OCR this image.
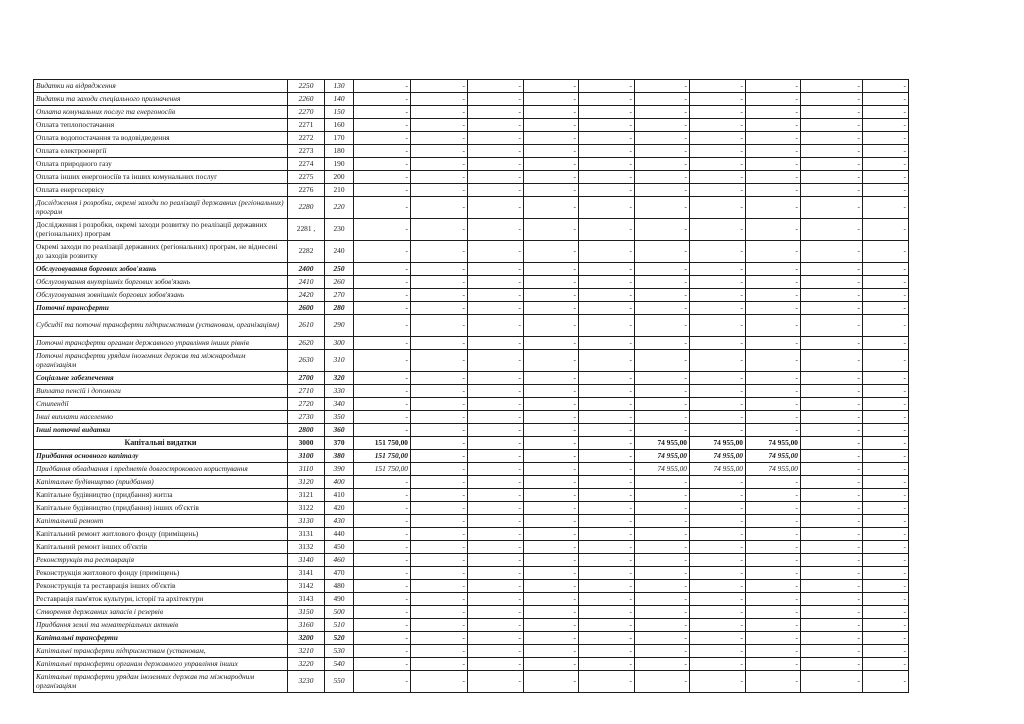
Видатки на відрядження	2250	130	-	-	-	-	-	-	-	-	-	-
Видатки та заходи спеціального призначення	2260	140	-	-	-	-	-	-	-	-	-	-
Оплата комунальних послуг та енергоносіїв	2270	150	-	-	-	-	-	-	-	-	-	-
Оплата теплопостачання	2271	160	-	-	-	-	-	-	-	-	-	-
Оплата водопостачання та водовідведення	2272	170	-	-	-	-	-	-	-	-	-	-
Оплата електроенергії	2273	180	-	-	-	-	-	-	-	-	-	-
Оплата природного газу	2274	190	-	-	-	-	-	-	-	-	-	-
Оплата інших енергоносіїв та інших комунальних послуг	2275	200	-	-	-	-	-	-	-	-	-	-
Оплата енергосервісу	2276	210	-	-	-	-	-	-	-	-	-	-
Дослідження і розробки, окремі заходи по реалізації державних (регіональних) програм	2280	220	-	-	-	-	-	-	-	-	-	-
Дослідження і розробки, окремі заходи розвитку по реалізації державних (регіональних) програм	2281 ,	230	-	-	-	-	-	-	-	-	-	-
Окремі заходи по реалізації державних (регіональних) програм, не віднесені до заходів розвитку	2282	240	-	-	-	-	-	-	-	-	-	-
Обслуговування боргових зобов'язань	2400	250	-	-	-	-	-	-	-	-	-	-
Обслуговування внутрішніх боргових зобов'язань	2410	260	-	-	-	-	-	-	-	-	-	-
Обслуговування зовнішніх боргових зобов'язань	2420	270	-	-	-	-	-	-	-	-	-	-
Поточні трансферти	2600	280	-	-	-	-	-	-	-	-	-	-
Субсидії та поточні трансферти підприємствам (установам, організаціям)	2610	290	-	-	-	-	-	-	-	-	-	-
Поточні трансферти органам державного управління інших рівнів	2620	300	-	-	-	-	-	-	-	-	-	-
Поточні трансферти урядам іноземних держав та міжнародним організаціям	2630	310	-	-	-	-	-	-	-	-	-	-
Соціальне забезпечення	2700	320	-	-	-	-	-	-	-	-	-	-
Виплата пенсій і допомоги	2710	330	-	-	-	-	-	-	-	-	-	-
Стипендії	2720	340	-	-	-	-	-	-	-	-	-	-
Інші виплати населенню	2730	350	-	-	-	-	-	-	-	-	-	-
Інші поточні видатки	2800	360	-	-	-	-	-	-	-	-	-	-
Капітальні видатки	3000	370	151 750,00	-	-	-	-	74 955,00	74 955,00	74 955,00	-	-
Придбання основного капіталу	3100	380	151 750,00	-	-	-	-	74 955,00	74 955,00	74 955,00	-	-
Придбання обладнання і предметів довгострокового користування	3110	390	151 750,00	-	-	-	-	74 955,00	74 955,00	74 955,00	-	-
Капітальне будівництво (придбання)	3120	400	-	-	-	-	-	-	-	-	-	-
Капітальне будівництво (придбання) житла	3121	410	-	-	-	-	-	-	-	-	-	-
Капітальне будівництво (придбання) інших об'єктів	3122	420	-	-	-	-	-	-	-	-	-	-
Капітальний ремонт	3130	430	-	-	-	-	-	-	-	-	-	-
Капітальний ремонт житлового фонду (приміщень)	3131	440	-	-	-	-	-	-	-	-	-	-
Капітальний ремонт інших об'єктів	3132	450	-	-	-	-	-	-	-	-	-	-
Реконструкція та реставрація	3140	460	-	-	-	-	-	-	-	-	-	-
Реконструкція житлового фонду (приміщень)	3141	470	-	-	-	-	-	-	-	-	-	-
Реконструкція та реставрація інших об'єктів	3142	480	-	-	-	-	-	-	-	-	-	-
Реставрація пам'яток культури, історії та архітектури	3143	490	-	-	-	-	-	-	-	-	-	-
Створення державних запасів і резервів	3150	500	-	-	-	-	-	-	-	-	-	-
Придбання землі та нематеріальних активів	3160	510	-	-	-	-	-	-	-	-	-	-
Капітальні трансферти	3200	520	-	-	-	-	-	-	-	-	-	-
Капітальні трансферти підприємствам (установам,	3210	530	-	-	-	-	-	-	-	-	-	-
Капітальні трансферти органам державного управління інших	3220	540	-	-	-	-	-	-	-	-	-	-
Капітальні трансферти урядам іноземних держав та міжнародним організаціям	3230	550	-	-	-	-	-	-	-	-	-	-
